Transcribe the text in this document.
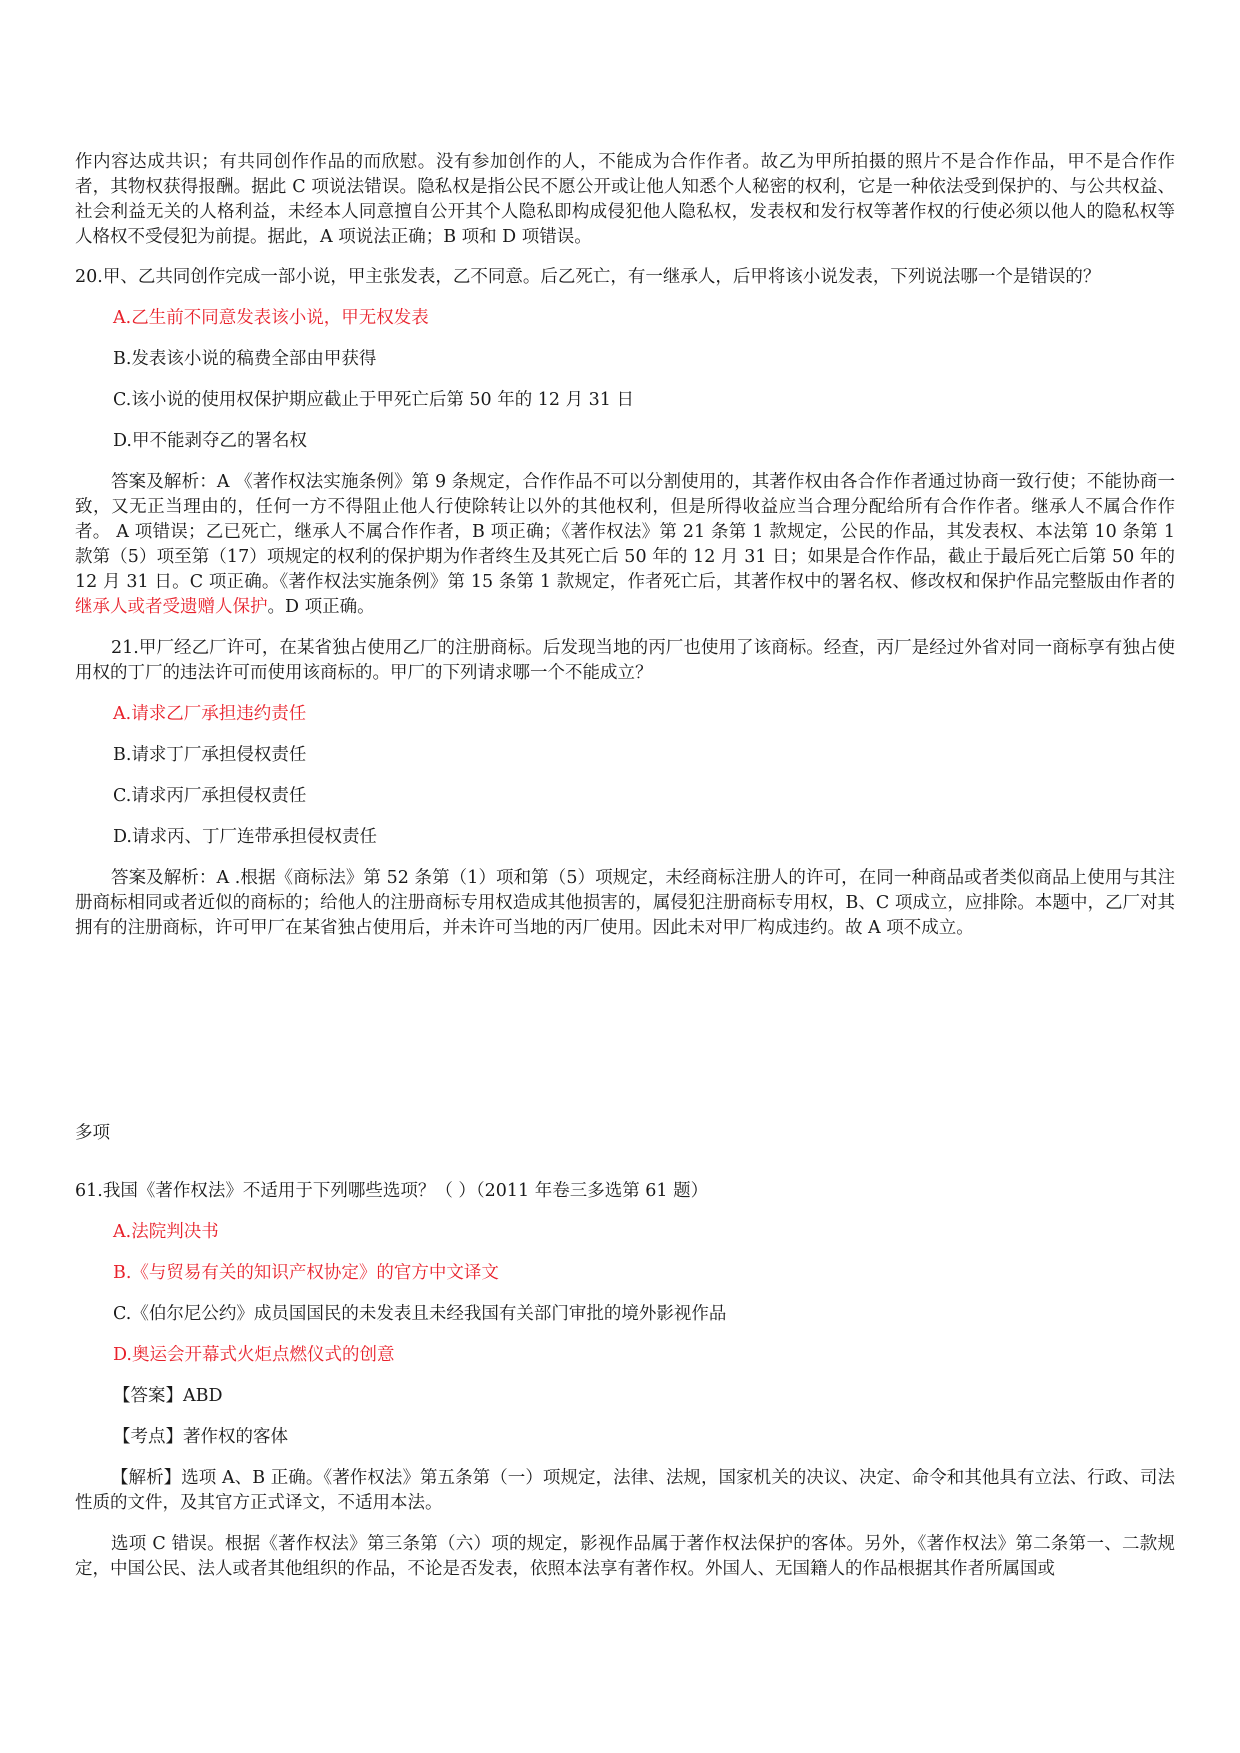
作内容达成共识；有共同创作作品的而欣慰。没有参加创作的人，不能成为合作作者。故乙为甲所拍摄的照片不是合作作品，甲不是合作作者，其物权获得报酬。据此 C 项说法错误。隐私权是指公民不愿公开或让他人知悉个人秘密的权利，它是一种依法受到保护的、与公共权益、社会利益无关的人格利益，未经本人同意擅自公开其个人隐私即构成侵犯他人隐私权，发表权和发行权等著作权的行使必须以他人的隐私权等人格权不受侵犯为前提。据此，A 项说法正确；B 项和 D 项错误。

20.甲、乙共同创作完成一部小说，甲主张发表，乙不同意。后乙死亡，有一继承人，后甲将该小说发表，下列说法哪一个是错误的？

A.乙生前不同意发表该小说，甲无权发表

B.发表该小说的稿费全部由甲获得

C.该小说的使用权保护期应截止于甲死亡后第 50 年的 12 月 31 日

D.甲不能剥夺乙的署名权

答案及解析：A 《著作权法实施条例》第 9 条规定，合作作品不可以分割使用的，其著作权由各合作作者通过协商一致行使；不能协商一致，又无正当理由的，任何一方不得阻止他人行使除转让以外的其他权利，但是所得收益应当合理分配给所有合作作者。继承人不属合作作者。 A 项错误；乙已死亡，继承人不属合作作者，B 项正确；《著作权法》第 21 条第 1 款规定，公民的作品，其发表权、本法第 10 条第 1 款第（5）项至第（17）项规定的权利的保护期为作者终生及其死亡后 50 年的 12 月 31 日；如果是合作作品，截止于最后死亡后第 50 年的 12 月 31 日。C 项正确。《著作权法实施条例》第 15 条第 1 款规定，作者死亡后，其著作权中的署名权、修改权和保护作品完整版由作者的继承人或者受遗赠人保护。D 项正确。

21.甲厂经乙厂许可，在某省独占使用乙厂的注册商标。后发现当地的丙厂也使用了该商标。经查，丙厂是经过外省对同一商标享有独占使用权的丁厂的违法许可而使用该商标的。甲厂的下列请求哪一个不能成立？

A.请求乙厂承担违约责任

B.请求丁厂承担侵权责任

C.请求丙厂承担侵权责任

D.请求丙、丁厂连带承担侵权责任

答案及解析：A .根据《商标法》第 52 条第（1）项和第（5）项规定，未经商标注册人的许可，在同一种商品或者类似商品上使用与其注册商标相同或者近似的商标的；给他人的注册商标专用权造成其他损害的，属侵犯注册商标专用权，B、C 项成立，应排除。本题中，乙厂对其拥有的注册商标，许可甲厂在某省独占使用后，并未许可当地的丙厂使用。因此未对甲厂构成违约。故 A 项不成立。

多项

61.我国《著作权法》不适用于下列哪些选项？（ ）（2011 年卷三多选第 61 题）

A.法院判决书

B.《与贸易有关的知识产权协定》的官方中文译文

C.《伯尔尼公约》成员国国民的未发表且未经我国有关部门审批的境外影视作品

D.奥运会开幕式火炬点燃仪式的创意

【答案】ABD

【考点】著作权的客体

【解析】选项 A、B 正确。《著作权法》第五条第（一）项规定，法律、法规，国家机关的决议、决定、命令和其他具有立法、行政、司法性质的文件，及其官方正式译文，不适用本法。

选项 C 错误。根据《著作权法》第三条第（六）项的规定，影视作品属于著作权法保护的客体。另外，《著作权法》第二条第一、二款规定，中国公民、法人或者其他组织的作品，不论是否发表，依照本法享有著作权。外国人、无国籍人的作品根据其作者所属国或
